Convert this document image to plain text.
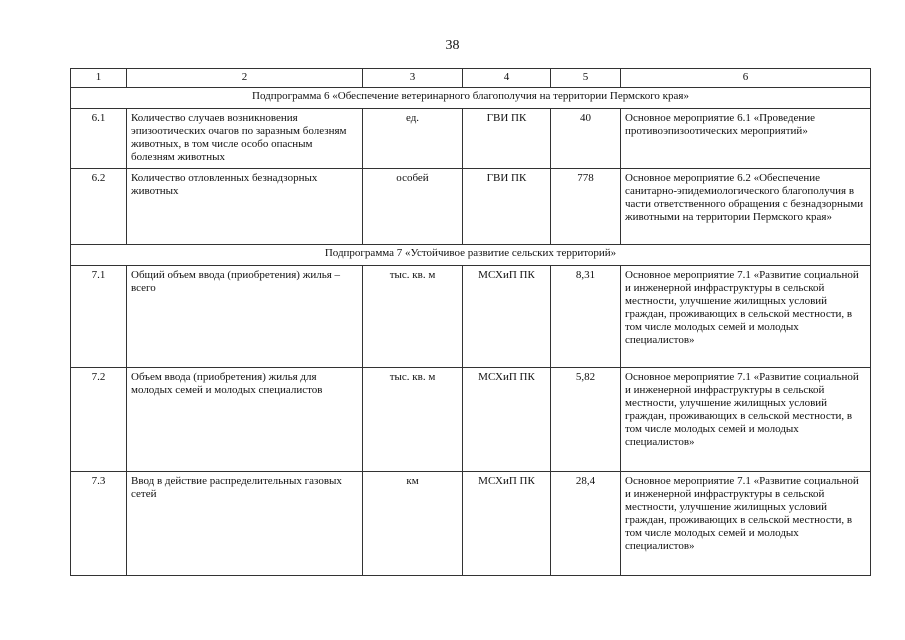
38
1	2	3	4	5	6
Подпрограмма 6 «Обеспечение ветеринарного благополучия на территории Пермского края»					
6.1	Количество случаев возникновения эпизоотических очагов по заразным болезням животных, в том числе особо опасным болезням животных	ед.	ГВИ ПК	40	Основное мероприятие 6.1 «Проведение противоэпизоотических мероприятий»
6.2	Количество отловленных безнадзорных животных	особей	ГВИ ПК	778	Основное мероприятие 6.2 «Обеспечение санитарно-эпидемиологического благополучия в части ответственного обращения с безнадзорными животными на территории Пермского края»
Подпрограмма 7 «Устойчивое развитие сельских территорий»					
7.1	Общий объем ввода (приобретения) жилья – всего	тыс. кв. м	МСХиП ПК	8,31	Основное мероприятие 7.1 «Развитие социальной и инженерной инфраструктуры в сельской местности, улучшение жилищных условий граждан, проживающих в сельской местности, в том числе молодых семей и молодых специалистов»
7.2	Объем ввода (приобретения) жилья для молодых семей и молодых специалистов	тыс. кв. м	МСХиП ПК	5,82	Основное мероприятие 7.1 «Развитие социальной и инженерной инфраструктуры в сельской местности, улучшение жилищных условий граждан, проживающих в сельской местности, в том числе молодых семей и молодых специалистов»
7.3	Ввод в действие распределительных газовых сетей	км	МСХиП ПК	28,4	Основное мероприятие 7.1 «Развитие социальной и инженерной инфраструктуры в сельской местности, улучшение жилищных условий граждан, проживающих в сельской местности, в том числе молодых семей и молодых специалистов»
